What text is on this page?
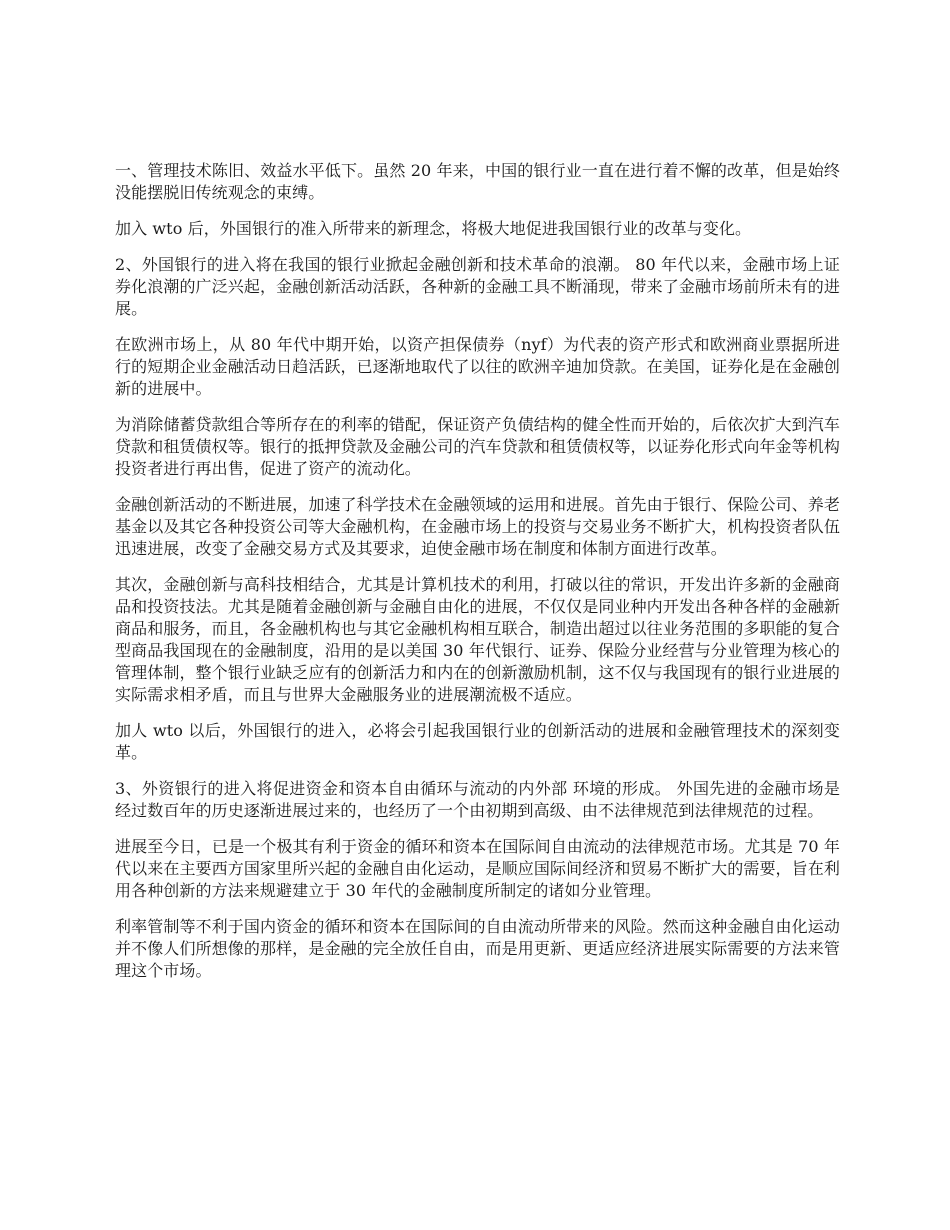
一、管理技术陈旧、效益水平低下。虽然 20 年来，中国的银行业一直在进行着不懈的改革，但是始终没能摆脱旧传统观念的束缚。

加入 wto 后，外国银行的准入所带来的新理念，将极大地促进我国银行业的改革与变化。

2、外国银行的进入将在我国的银行业掀起金融创新和技术革命的浪潮。 80 年代以来，金融市场上证券化浪潮的广泛兴起，金融创新活动活跃，各种新的金融工具不断涌现，带来了金融市场前所未有的进展。

在欧洲市场上，从 80 年代中期开始，以资产担保债券（nyf）为代表的资产形式和欧洲商业票据所进行的短期企业金融活动日趋活跃，已逐渐地取代了以往的欧洲辛迪加贷款。在美国，证券化是在金融创新的进展中。

为消除储蓄贷款组合等所存在的利率的错配，保证资产负债结构的健全性而开始的，后依次扩大到汽车贷款和租赁债权等。银行的抵押贷款及金融公司的汽车贷款和租赁债权等，以证券化形式向年金等机构投资者进行再出售，促进了资产的流动化。

金融创新活动的不断进展，加速了科学技术在金融领域的运用和进展。首先由于银行、保险公司、养老基金以及其它各种投资公司等大金融机构，在金融市场上的投资与交易业务不断扩大，机构投资者队伍迅速进展，改变了金融交易方式及其要求，迫使金融市场在制度和体制方面进行改革。

其次，金融创新与高科技相结合，尤其是计算机技术的利用，打破以往的常识，开发出许多新的金融商品和投资技法。尤其是随着金融创新与金融自由化的进展，不仅仅是同业种内开发出各种各样的金融新商品和服务，而且，各金融机构也与其它金融机构相互联合，制造出超过以往业务范围的多职能的复合型商品我国现在的金融制度，沿用的是以美国 30 年代银行、证券、保险分业经营与分业管理为核心的管理体制，整个银行业缺乏应有的创新活力和内在的创新激励机制，这不仅与我国现有的银行业进展的实际需求相矛盾，而且与世界大金融服务业的进展潮流极不适应。

加人 wto 以后，外国银行的进入，必将会引起我国银行业的创新活动的进展和金融管理技术的深刻变革。

3、外资银行的进入将促进资金和资本自由循环与流动的内外部 环境的形成。 外国先进的金融市场是经过数百年的历史逐渐进展过来的，也经历了一个由初期到高级、由不法律规范到法律规范的过程。

进展至今日，已是一个极其有利于资金的循环和资本在国际间自由流动的法律规范市场。尤其是 70 年代以来在主要西方国家里所兴起的金融自由化运动，是顺应国际间经济和贸易不断扩大的需要，旨在利用各种创新的方法来规避建立于 30 年代的金融制度所制定的诸如分业管理。

利率管制等不利于国内资金的循环和资本在国际间的自由流动所带来的风险。然而这种金融自由化运动并不像人们所想像的那样，是金融的完全放任自由，而是用更新、更适应经济进展实际需要的方法来管理这个市场。
